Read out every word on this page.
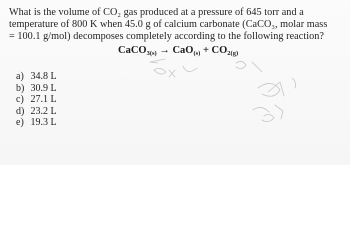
What is the volume of CO₂ gas produced at a pressure of 645 torr and a
temperature of 800 K when 45.0 g of calcium carbonate (CaCO₃, molar mass
= 100.1 g/mol) decomposes completely according to the following reaction?
CaCO$_{3(s)}$ → $CaO_{(s)} + CO_{2(g)}$
a) 34.8 L
b) 30.9 L
c) 27.1 L
d) 23.2 L
e) 19.3 L
